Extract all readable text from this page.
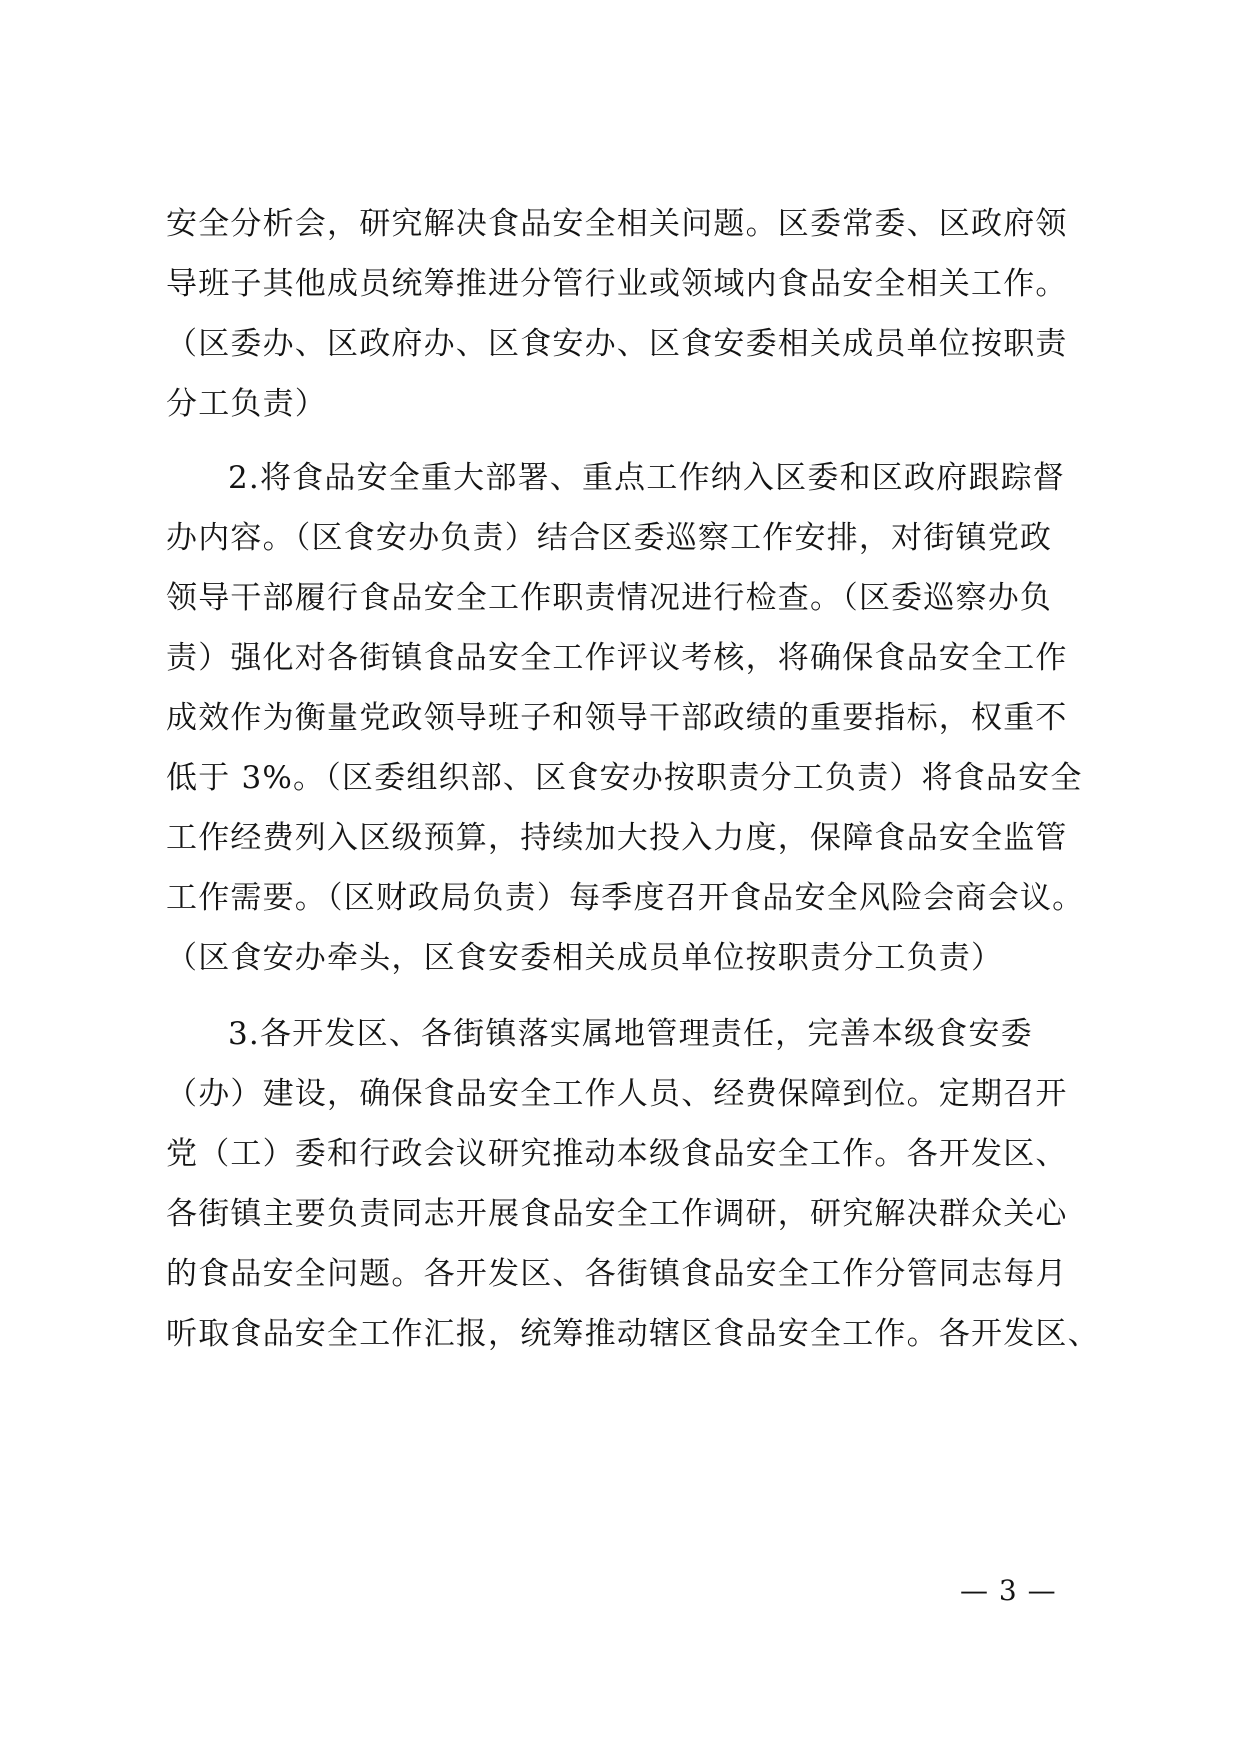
安全分析会，研究解决食品安全相关问题。区委常委、区政府领
导班子其他成员统筹推进分管行业或领域内食品安全相关工作。
（区委办、区政府办、区食安办、区食安委相关成员单位按职责
分工负责）
2.将食品安全重大部署、重点工作纳入区委和区政府跟踪督
办内容。（区食安办负责）结合区委巡察工作安排，对街镇党政
领导干部履行食品安全工作职责情况进行检查。（区委巡察办负
责）强化对各街镇食品安全工作评议考核，将确保食品安全工作
成效作为衡量党政领导班子和领导干部政绩的重要指标，权重不
低于 3%。（区委组织部、区食安办按职责分工负责）将食品安全
工作经费列入区级预算，持续加大投入力度，保障食品安全监管
工作需要。（区财政局负责）每季度召开食品安全风险会商会议。
（区食安办牵头，区食安委相关成员单位按职责分工负责）
3.各开发区、各街镇落实属地管理责任，完善本级食安委
（办）建设，确保食品安全工作人员、经费保障到位。定期召开
党（工）委和行政会议研究推动本级食品安全工作。各开发区、
各街镇主要负责同志开展食品安全工作调研，研究解决群众关心
的食品安全问题。各开发区、各街镇食品安全工作分管同志每月
听取食品安全工作汇报，统筹推动辖区食品安全工作。各开发区、
— 3 —
